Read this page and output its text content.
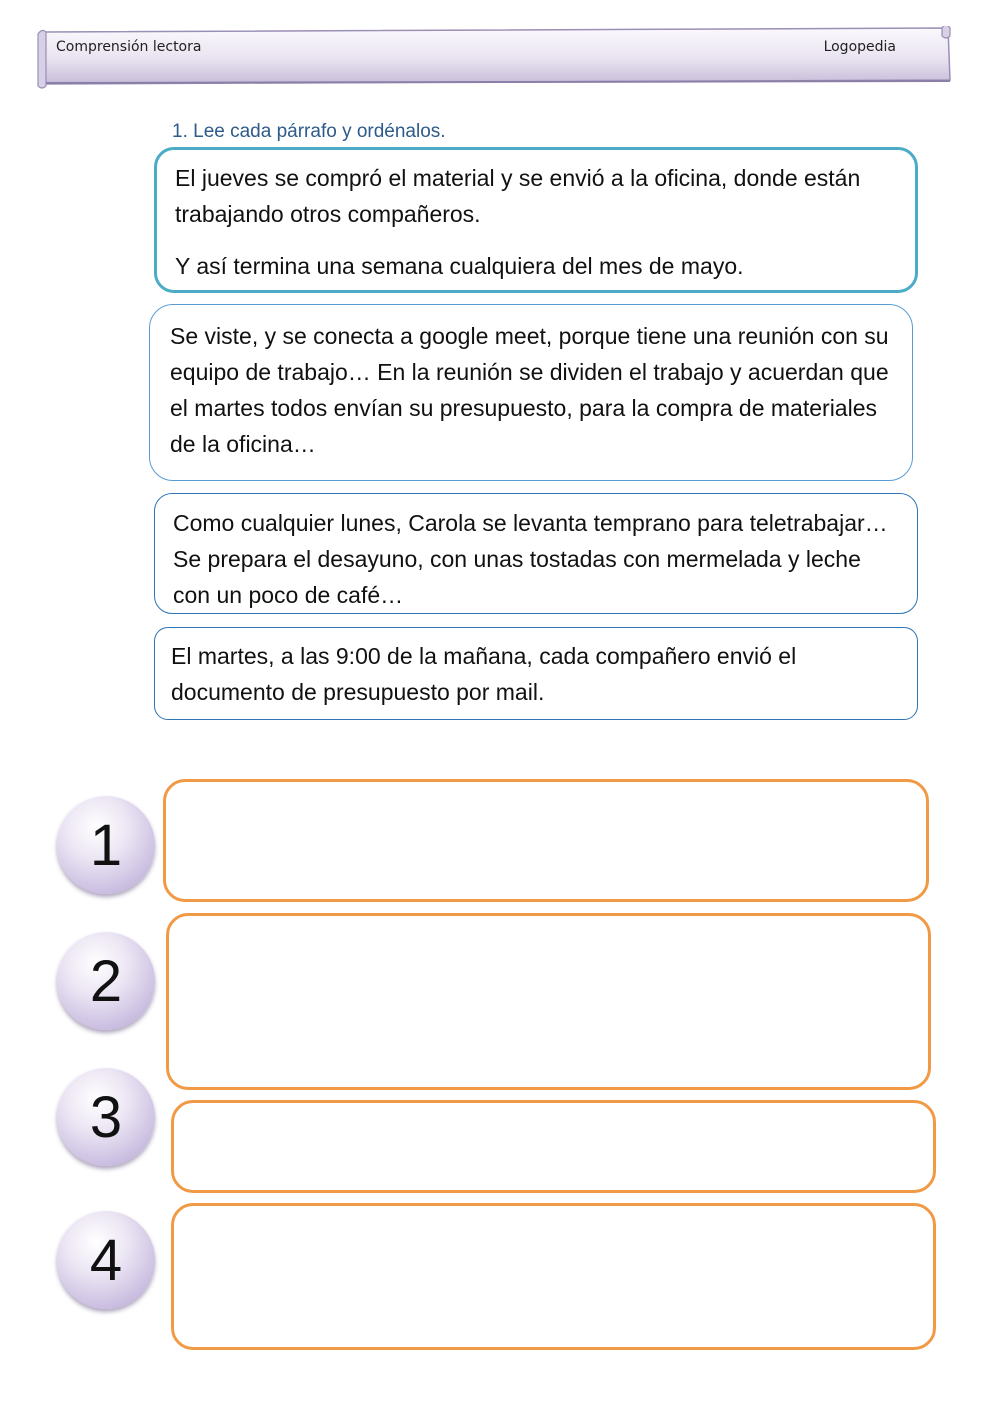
Comprensión lectora	Logopedia
1. Lee cada párrafo y ordénalos.

El jueves se compró el material y se envió a la oficina, donde están trabajando otros compañeros.

Y así termina una semana cualquiera del mes de mayo.

Se viste, y se conecta a google meet, porque tiene una reunión con su equipo de trabajo… En la reunión se dividen el trabajo y acuerdan que el martes todos envían su presupuesto, para la compra de materiales de la oficina…

Como cualquier lunes, Carola se levanta temprano para teletrabajar… Se prepara el desayuno, con unas tostadas con mermelada y leche con un poco de café…

El martes, a las 9:00 de la mañana, cada compañero envió el documento de presupuesto por mail.

1
2
3
4
